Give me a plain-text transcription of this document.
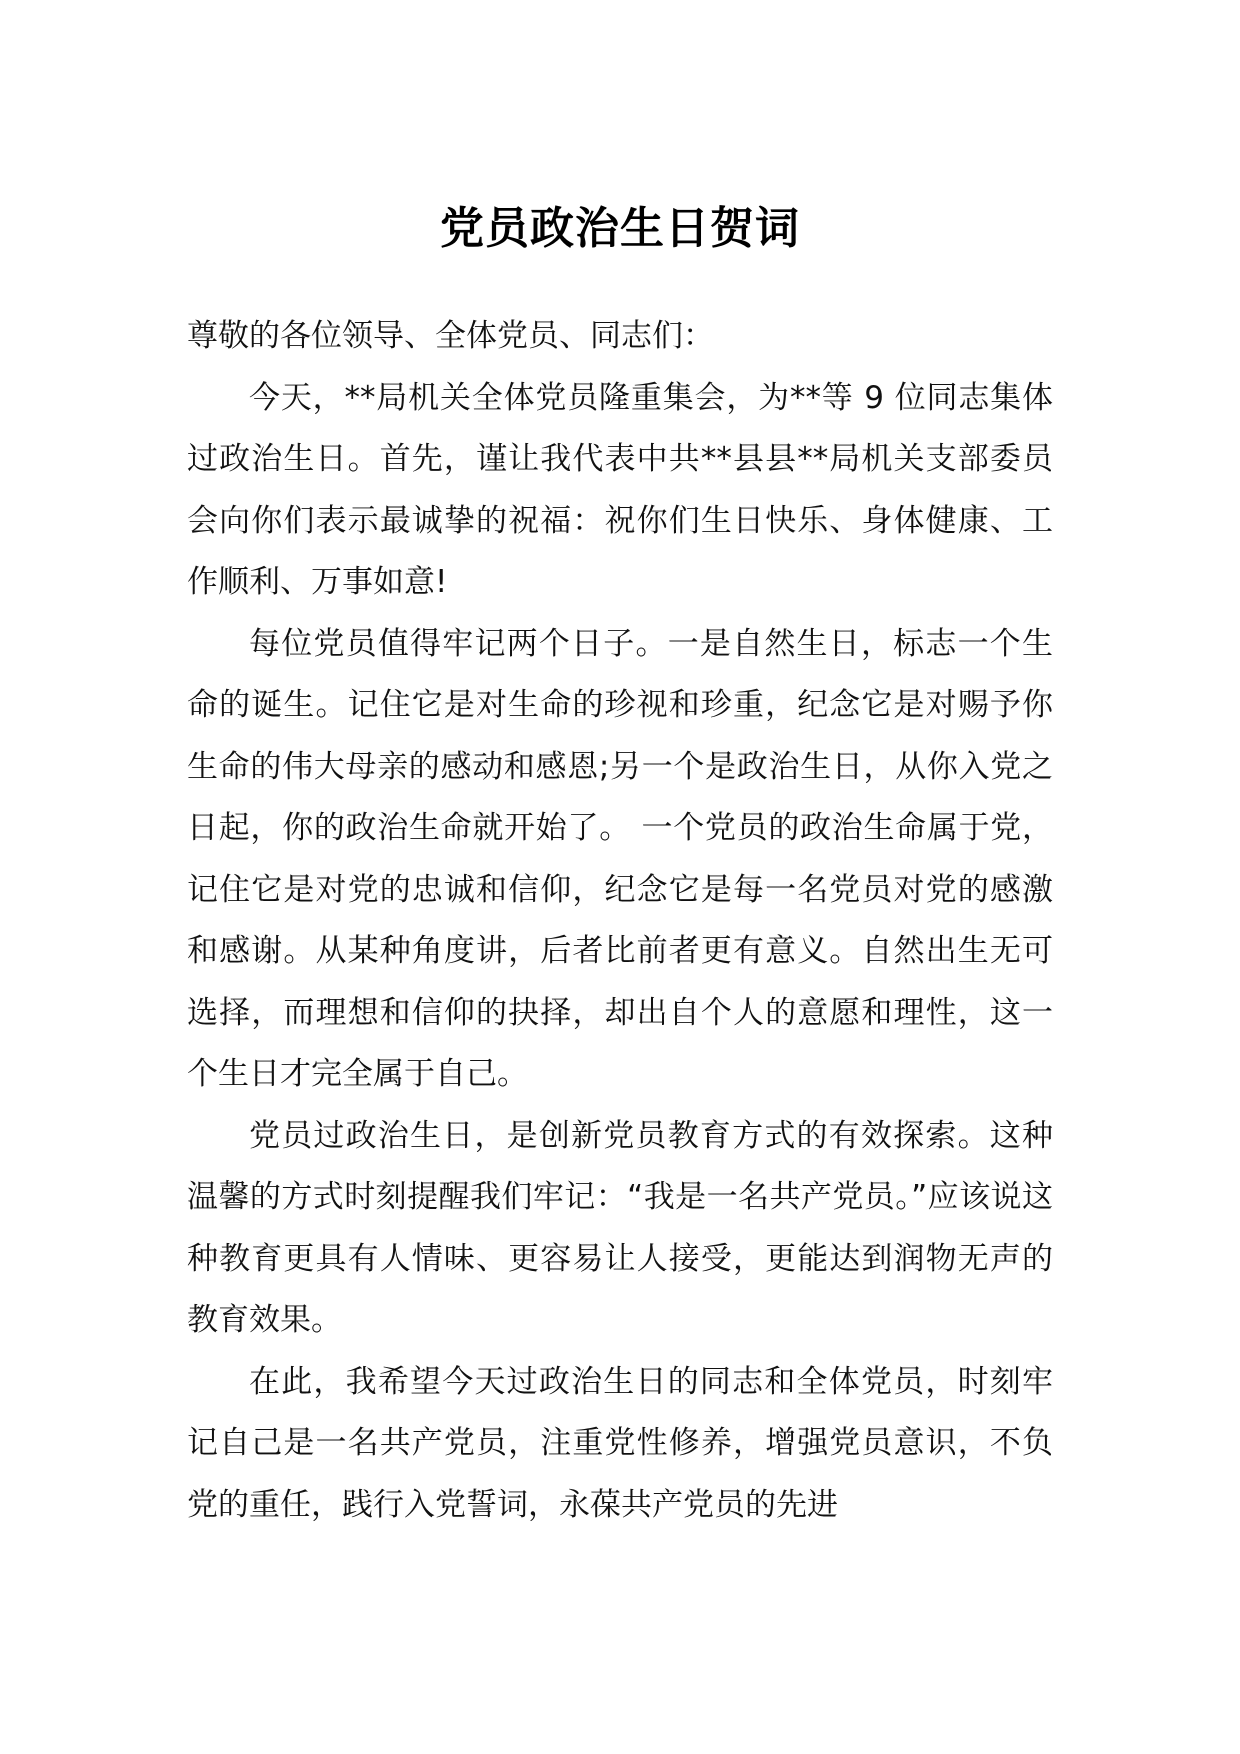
党员政治生日贺词

尊敬的各位领导、全体党员、同志们：

今天，**局机关全体党员隆重集会，为**等 9 位同志集体过政治生日。首先，谨让我代表中共**县县**局机关支部委员会向你们表示最诚挚的祝福：祝你们生日快乐、身体健康、工作顺利、万事如意!

每位党员值得牢记两个日子。一是自然生日，标志一个生命的诞生。记住它是对生命的珍视和珍重，纪念它是对赐予你生命的伟大母亲的感动和感恩;另一个是政治生日，从你入党之日起，你的政治生命就开始了。 一个党员的政治生命属于党， 记住它是对党的忠诚和信仰，纪念它是每一名党员对党的感激和感谢。从某种角度讲，后者比前者更有意义。自然出生无可选择，而理想和信仰的抉择，却出自个人的意愿和理性，这一个生日才完全属于自己。

党员过政治生日，是创新党员教育方式的有效探索。这种温馨的方式时刻提醒我们牢记：“我是一名共产党员。”应该说这种教育更具有人情味、更容易让人接受，更能达到润物无声的教育效果。

在此，我希望今天过政治生日的同志和全体党员，时刻牢记自己是一名共产党员，注重党性修养，增强党员意识，不负党的重任，践行入党誓词，永葆共产党员的先进
